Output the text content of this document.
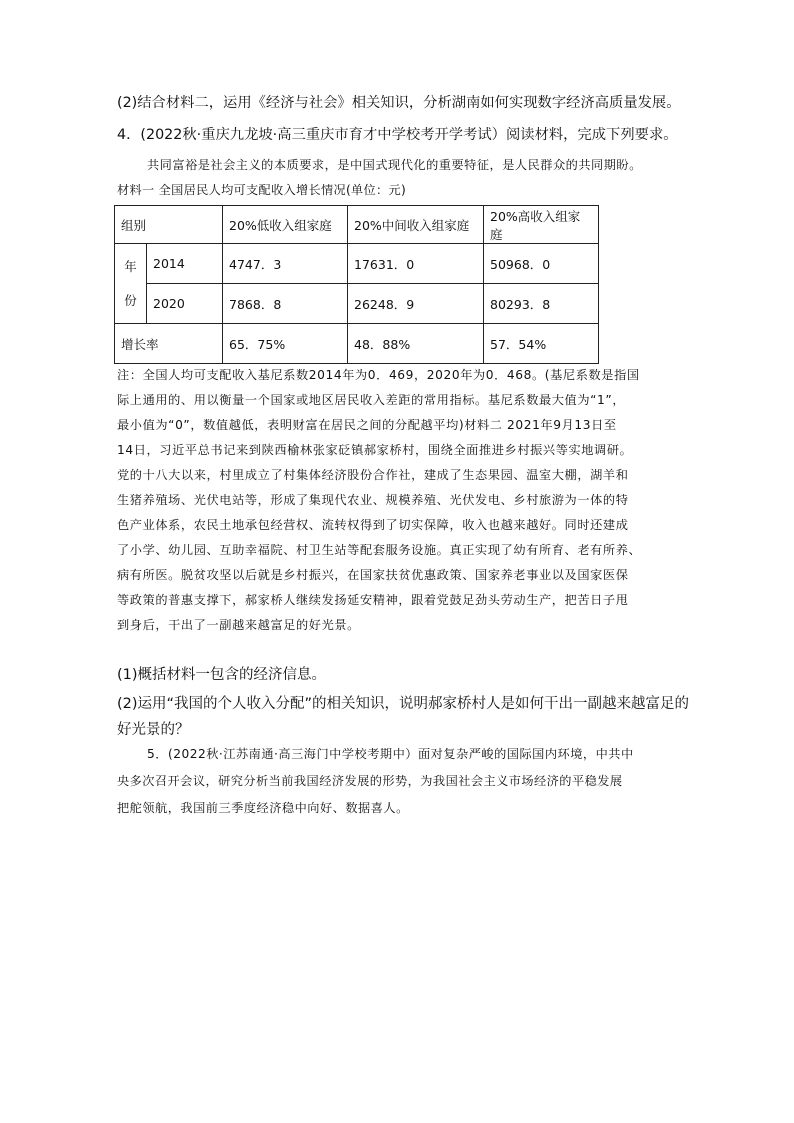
(2)结合材料二，运用《经济与社会》相关知识，分析湖南如何实现数字经济高质量发展。
4．(2022秋·重庆九龙坡·高三重庆市育才中学校考开学考试）阅读材料，完成下列要求。
共同富裕是社会主义的本质要求，是中国式现代化的重要特征，是人民群众的共同期盼。
材料一 全国居民人均可支配收入增长情况(单位：元)
组别		20%低收入组家庭	20%中间收入组家庭	20%高收入组家庭

年
份	2014	4747．3	17631．0	50968．0
	2020	7868．8	26248．9	80293．8
增长率		65．75%	48．88%	57．54%
注：全国人均可支配收入基尼系数2014年为0．469，2020年为0．468。(基尼系数是指国
际上通用的、用以衡量一个国家或地区居民收入差距的常用指标。基尼系数最大值为“1”，
最小值为“0”，数值越低，表明财富在居民之间的分配越平均)材料二 2021年9月13日至
14日，习近平总书记来到陕西榆林张家砭镇郝家桥村，围绕全面推进乡村振兴等实地调研。
党的十八大以来，村里成立了村集体经济股份合作社，建成了生态果园、温室大棚，湖羊和
生猪养殖场、光伏电站等，形成了集现代农业、规模养殖、光伏发电、乡村旅游为一体的特
色产业体系，农民土地承包经营权、流转权得到了切实保障，收入也越来越好。同时还建成
了小学、幼儿园、互助幸福院、村卫生站等配套服务设施。真正实现了幼有所育、老有所养、
病有所医。脱贫攻坚以后就是乡村振兴，在国家扶贫优惠政策、国家养老事业以及国家医保
等政策的普惠支撑下，郝家桥人继续发扬延安精神，跟着党鼓足劲头劳动生产，把苦日子甩
到身后，干出了一副越来越富足的好光景。
(1)概括材料一包含的经济信息。
(2)运用“我国的个人收入分配”的相关知识，说明郝家桥村人是如何干出一副越来越富足的
好光景的？
5．(2022秋·江苏南通·高三海门中学校考期中）面对复杂严峻的国际国内环境，中共中
央多次召开会议，研究分析当前我国经济发展的形势，为我国社会主义市场经济的平稳发展
把舵领航，我国前三季度经济稳中向好、数据喜人。
